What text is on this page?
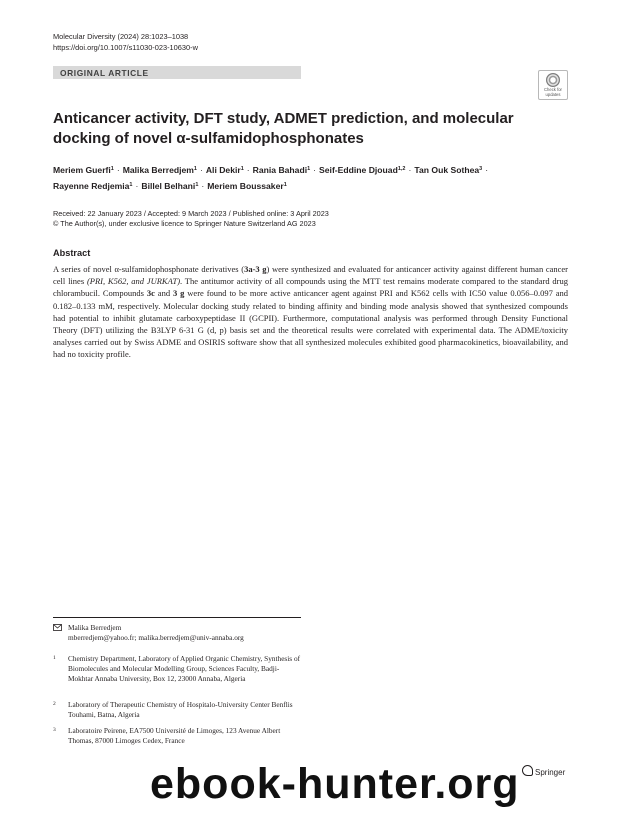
Molecular Diversity (2024) 28:1023–1038
https://doi.org/10.1007/s11030-023-10630-w
ORIGINAL ARTICLE
Check for
updates
Anticancer activity, DFT study, ADMET prediction, and molecular docking of novel α-sulfamidophosphonates
Meriem Guerfi$^1$ · Malika Berredjem$^1$ · Ali Dekir$^1$ · Rania Bahadi$^1$ · Seif-Eddine Djouad$^{1,2}$ · Tan Ouk Sothea$^3$ ·
Rayenne Redjemia$^1$ · Billel Belhani$^1$ · Meriem Boussaker$^1$
Received: 22 January 2023 / Accepted: 9 March 2023 / Published online: 3 April 2023
© The Author(s), under exclusive licence to Springer Nature Switzerland AG 2023
Abstract
A series of novel α-sulfamidophosphonate derivatives (3a-3 g) were synthesized and evaluated for anticancer activity against different human cancer cell lines (PRI, K562, and JURKAT). The antitumor activity of all compounds using the MTT test remains moderate compared to the standard drug chlorambucil. Compounds 3c and 3 g were found to be more active anticancer agent against PRI and K562 cells with IC50 value 0.056–0.097 and 0.182–0.133 mM, respectively. Molecular docking study related to binding affinity and binding mode analysis showed that synthesized compounds had potential to inhibit glutamate carboxypeptidase II (GCPII). Furthermore, computational analysis was performed through Density Functional Theory (DFT) utilizing the B3LYP 6-31 G (d, p) basis set and the theoretical results were correlated with experimental data. The ADME/toxicity analyses carried out by Swiss ADME and OSIRIS software show that all synthesized molecules exhibited good pharmacokinetics, bioavailability, and had no toxicity profile.
Malika Berredjem
mberredjem@yahoo.fr; malika.berredjem@univ-annaba.org
1 Chemistry Department, Laboratory of Applied Organic Chemistry, Synthesis of Biomolecules and Molecular Modelling Group, Sciences Faculty, Badji-Mokhtar Annaba University, Box 12, 23000 Annaba, Algeria
2 Laboratory of Therapeutic Chemistry of Hospitalo-University Center Benflis Touhami, Batna, Algeria
3 Laboratoire Peirene, EA7500 Université de Limoges, 123 Avenue Albert Thomas, 87000 Limoges Cedex, France
Springer
ebook-hunter.org
